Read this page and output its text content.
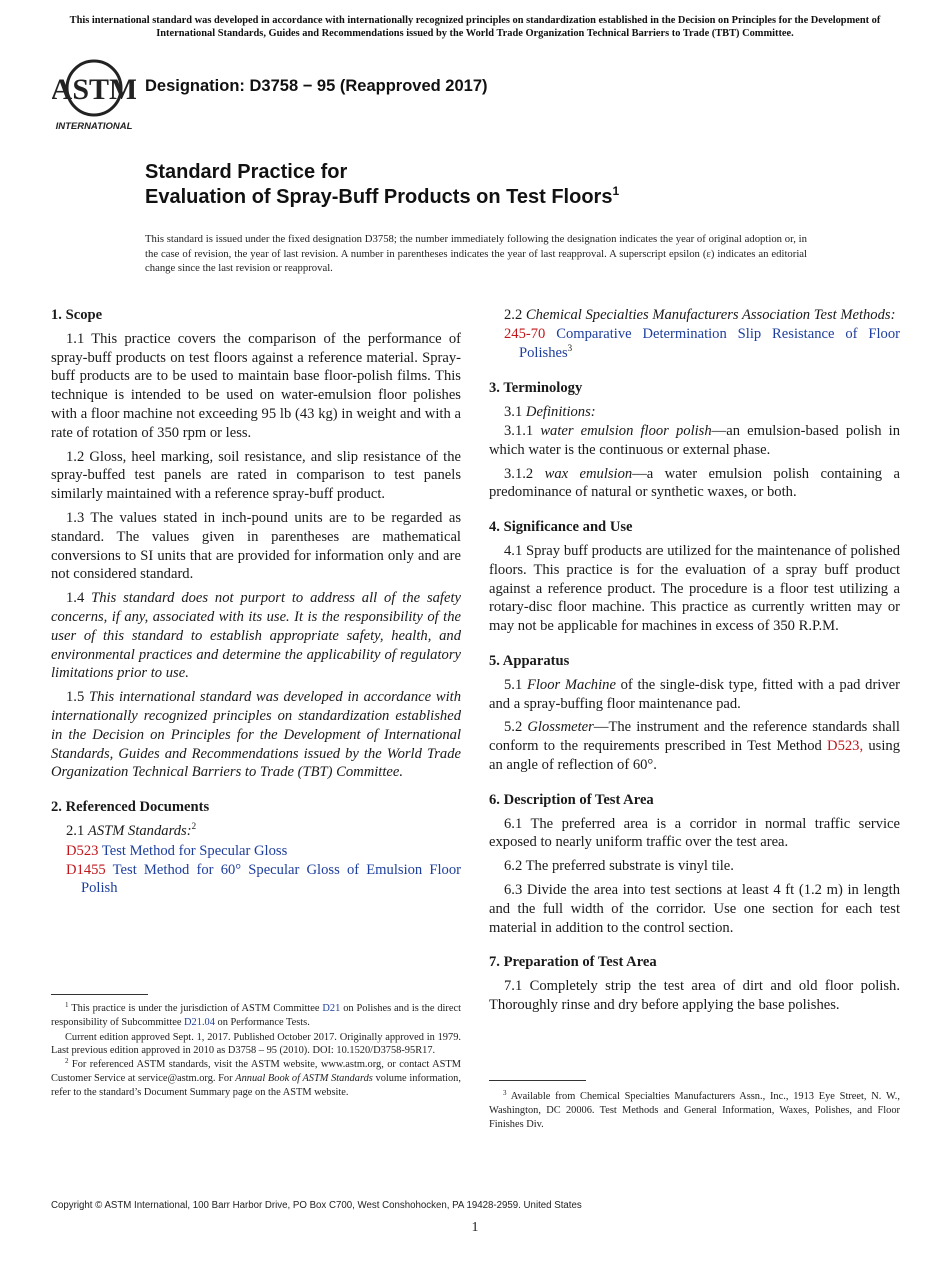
This international standard was developed in accordance with internationally recognized principles on standardization established in the Decision on Principles for the Development of International Standards, Guides and Recommendations issued by the World Trade Organization Technical Barriers to Trade (TBT) Committee.
ASTM
INTERNATIONAL
Designation: D3758 − 95 (Reapproved 2017)
Standard Practice for
Evaluation of Spray-Buff Products on Test Floors$^1$
This standard is issued under the fixed designation D3758; the number immediately following the designation indicates the year of original adoption or, in the case of revision, the year of last revision. A number in parentheses indicates the year of last reapproval. A superscript epsilon (ε) indicates an editorial change since the last revision or reapproval.
1. Scope

1.1 This practice covers the comparison of the performance of spray-buff products on test floors against a reference material. Spray-buff products are to be used to maintain base floor-polish films. This technique is intended to be used on water-emulsion floor polishes with a floor machine not exceeding 95 lb (43 kg) in weight and with a rate of rotation of 350 rpm or less.

1.2 Gloss, heel marking, soil resistance, and slip resistance of the spray-buffed test panels are rated in comparison to test panels similarly maintained with a reference spray-buff product.

1.3 The values stated in inch-pound units are to be regarded as standard. The values given in parentheses are mathematical conversions to SI units that are provided for information only and are not considered standard.

1.4 This standard does not purport to address all of the safety concerns, if any, associated with its use. It is the responsibility of the user of this standard to establish appropriate safety, health, and environmental practices and determine the applicability of regulatory limitations prior to use.

1.5 This international standard was developed in accordance with internationally recognized principles on standardization established in the Decision on Principles for the Development of International Standards, Guides and Recommendations issued by the World Trade Organization Technical Barriers to Trade (TBT) Committee.

2. Referenced Documents

2.1 ASTM Standards:$^2$

D523 Test Method for Specular Gloss
D1455 Test Method for 60° Specular Gloss of Emulsion Floor Polish

$^1$ This practice is under the jurisdiction of ASTM Committee D21 on Polishes and is the direct responsibility of Subcommittee D21.04 on Performance Tests.

Current edition approved Sept. 1, 2017. Published October 2017. Originally approved in 1979. Last previous edition approved in 2010 as D3758 – 95 (2010). DOI: 10.1520/D3758-95R17.

$^2$ For referenced ASTM standards, visit the ASTM website, www.astm.org, or contact ASTM Customer Service at service@astm.org. For Annual Book of ASTM Standards volume information, refer to the standard’s Document Summary page on the ASTM website.

2.2 Chemical Specialties Manufacturers Association Test Methods:

245-70 Comparative Determination Slip Resistance of Floor Polishes$^3$
3. Terminology

3.1 Definitions:

3.1.1 water emulsion floor polish—an emulsion-based polish in which water is the continuous or external phase.

3.1.2 wax emulsion—a water emulsion polish containing a predominance of natural or synthetic waxes, or both.

4. Significance and Use

4.1 Spray buff products are utilized for the maintenance of polished floors. This practice is for the evaluation of a spray buff product against a reference product. The procedure is a floor test utilizing a rotary-disc floor machine. This practice as currently written may or may not be applicable for machines in excess of 350 R.P.M.

5. Apparatus

5.1 Floor Machine of the single-disk type, fitted with a pad driver and a spray-buffing floor maintenance pad.

5.2 Glossmeter—The instrument and the reference standards shall conform to the requirements prescribed in Test Method D523, using an angle of reflection of 60°.

6. Description of Test Area

6.1 The preferred area is a corridor in normal traffic service exposed to nearly uniform traffic over the test area.

6.2 The preferred substrate is vinyl tile.

6.3 Divide the area into test sections at least 4 ft (1.2 m) in length and the full width of the corridor. Use one section for each test material in addition to the control section.

7. Preparation of Test Area

7.1 Completely strip the test area of dirt and old floor polish. Thoroughly rinse and dry before applying the base polishes.

$^3$ Available from Chemical Specialties Manufacturers Assn., Inc., 1913 Eye Street, N. W., Washington, DC 20006. Test Methods and General Information, Waxes, Polishes, and Floor Finishes Div.

Copyright © ASTM International, 100 Barr Harbor Drive, PO Box C700, West Conshohocken, PA 19428-2959. United States
1
